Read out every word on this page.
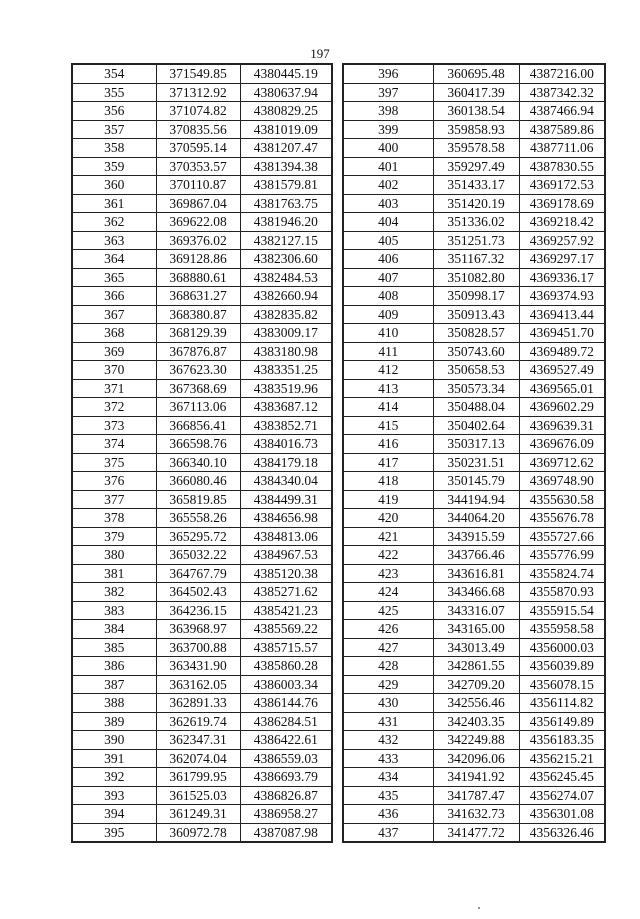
197
354	371549.85	4380445.19
355	371312.92	4380637.94
356	371074.82	4380829.25
357	370835.56	4381019.09
358	370595.14	4381207.47
359	370353.57	4381394.38
360	370110.87	4381579.81
361	369867.04	4381763.75
362	369622.08	4381946.20
363	369376.02	4382127.15
364	369128.86	4382306.60
365	368880.61	4382484.53
366	368631.27	4382660.94
367	368380.87	4382835.82
368	368129.39	4383009.17
369	367876.87	4383180.98
370	367623.30	4383351.25
371	367368.69	4383519.96
372	367113.06	4383687.12
373	366856.41	4383852.71
374	366598.76	4384016.73
375	366340.10	4384179.18
376	366080.46	4384340.04
377	365819.85	4384499.31
378	365558.26	4384656.98
379	365295.72	4384813.06
380	365032.22	4384967.53
381	364767.79	4385120.38
382	364502.43	4385271.62
383	364236.15	4385421.23
384	363968.97	4385569.22
385	363700.88	4385715.57
386	363431.90	4385860.28
387	363162.05	4386003.34
388	362891.33	4386144.76
389	362619.74	4386284.51
390	362347.31	4386422.61
391	362074.04	4386559.03
392	361799.95	4386693.79
393	361525.03	4386826.87
394	361249.31	4386958.27
395	360972.78	4387087.98
396	360695.48	4387216.00
397	360417.39	4387342.32
398	360138.54	4387466.94
399	359858.93	4387589.86
400	359578.58	4387711.06
401	359297.49	4387830.55
402	351433.17	4369172.53
403	351420.19	4369178.69
404	351336.02	4369218.42
405	351251.73	4369257.92
406	351167.32	4369297.17
407	351082.80	4369336.17
408	350998.17	4369374.93
409	350913.43	4369413.44
410	350828.57	4369451.70
411	350743.60	4369489.72
412	350658.53	4369527.49
413	350573.34	4369565.01
414	350488.04	4369602.29
415	350402.64	4369639.31
416	350317.13	4369676.09
417	350231.51	4369712.62
418	350145.79	4369748.90
419	344194.94	4355630.58
420	344064.20	4355676.78
421	343915.59	4355727.66
422	343766.46	4355776.99
423	343616.81	4355824.74
424	343466.68	4355870.93
425	343316.07	4355915.54
426	343165.00	4355958.58
427	343013.49	4356000.03
428	342861.55	4356039.89
429	342709.20	4356078.15
430	342556.46	4356114.82
431	342403.35	4356149.89
432	342249.88	4356183.35
433	342096.06	4356215.21
434	341941.92	4356245.45
435	341787.47	4356274.07
436	341632.73	4356301.08
437	341477.72	4356326.46
